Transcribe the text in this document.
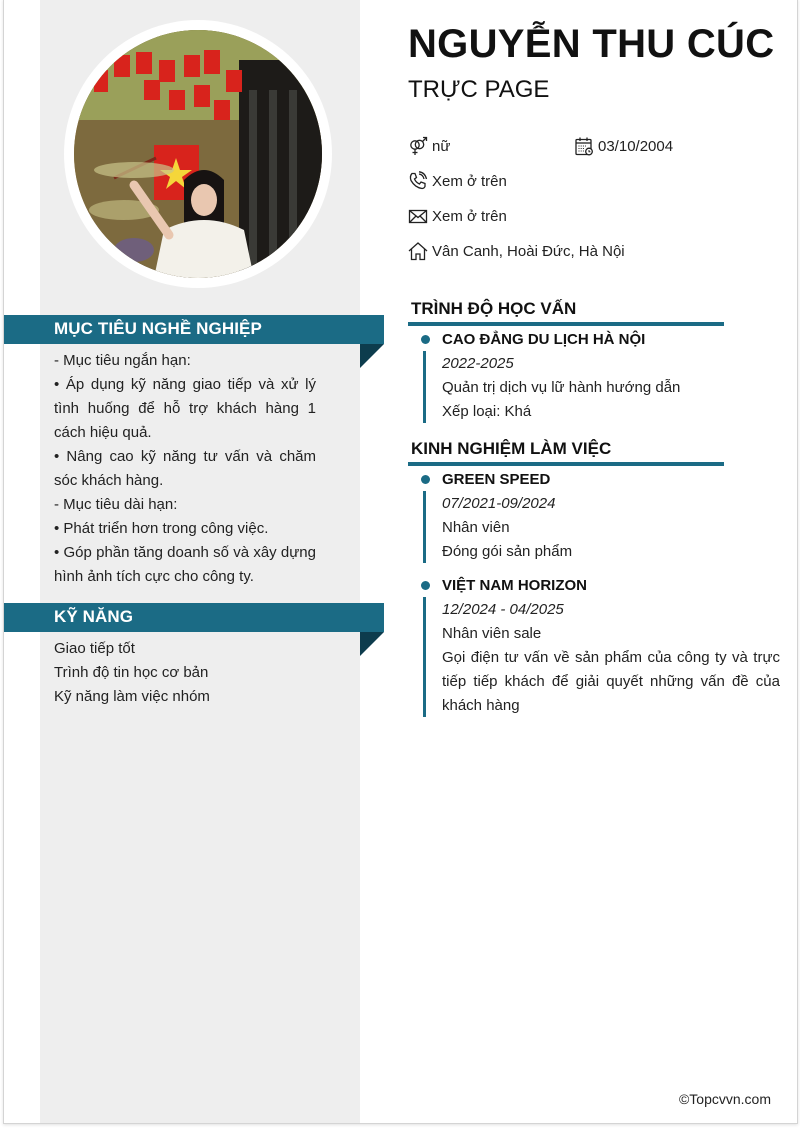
MỤC TIÊU NGHỀ NGHIỆP
- Mục tiêu ngắn hạn:
• Áp dụng kỹ năng giao tiếp và xử lý tình huống để hỗ trợ khách hàng 1 cách hiệu quả.
• Nâng cao kỹ năng tư vấn và chăm sóc khách hàng.
- Mục tiêu dài hạn:
• Phát triển hơn trong công việc.
• Góp phần tăng doanh số và xây dựng hình ảnh tích cực cho công ty.
KỸ NĂNG
Giao tiếp tốt
Trình độ tin học cơ bản
Kỹ năng làm việc nhóm
NGUYỄN THU CÚC
TRỰC PAGE
nữ	03/10/2004
Xem ở trên
Xem ở trên
Vân Canh, Hoài Đức, Hà Nội
TRÌNH ĐỘ HỌC VẤN
CAO ĐẲNG DU LỊCH HÀ NỘI
2022-2025
Quản trị dịch vụ lữ hành hướng dẫn
Xếp loại: Khá
KINH NGHIỆM LÀM VIỆC
GREEN SPEED
07/2021-09/2024
Nhân viên
Đóng gói sản phẩm
VIỆT NAM HORIZON
12/2024 - 04/2025
Nhân viên sale
Gọi điện tư vấn về sản phẩm của công ty và trực tiếp tiếp khách để giải quyết những vấn đề của khách hàng
©Topcvvn.com
